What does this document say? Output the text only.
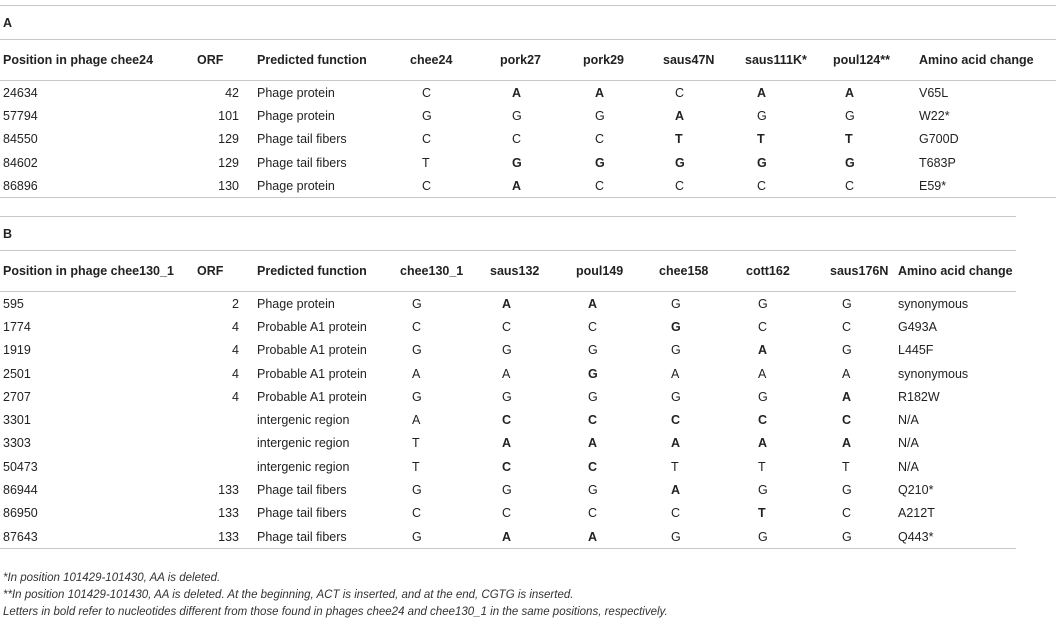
A									
Position in phage chee24	ORF	Predicted function	chee24	pork27	pork29	saus47N	saus111K*	poul124**	Amino acid change
24634	42	Phage protein	C	A	A	C	A	A	V65L
57794	101	Phage protein	G	G	G	A	G	G	W22*
84550	129	Phage tail fibers	C	C	C	T	T	T	G700D
84602	129	Phage tail fibers	T	G	G	G	G	G	T683P
86896	130	Phage protein	C	A	C	C	C	C	E59*
B									
Position in phage chee130_1	ORF	Predicted function	chee130_1	saus132	poul149	chee158	cott162	saus176N	Amino acid change
595	2	Phage protein	G	A	A	G	G	G	synonymous
1774	4	Probable A1 protein	C	C	C	G	C	C	G493A
1919	4	Probable A1 protein	G	G	G	G	A	G	L445F
2501	4	Probable A1 protein	A	A	G	A	A	A	synonymous
2707	4	Probable A1 protein	G	G	G	G	G	A	R182W
3301		intergenic region	A	C	C	C	C	C	N/A
3303		intergenic region	T	A	A	A	A	A	N/A
50473		intergenic region	T	C	C	T	T	T	N/A
86944	133	Phage tail fibers	G	G	G	A	G	G	Q210*
86950	133	Phage tail fibers	C	C	C	C	T	C	A212T
87643	133	Phage tail fibers	G	A	A	G	G	G	Q443*
*In position 101429-101430, AA is deleted.
**In position 101429-101430, AA is deleted. At the beginning, ACT is inserted, and at the end, CGTG is inserted.
Letters in bold refer to nucleotides different from those found in phages chee24 and chee130_1 in the same positions, respectively.
